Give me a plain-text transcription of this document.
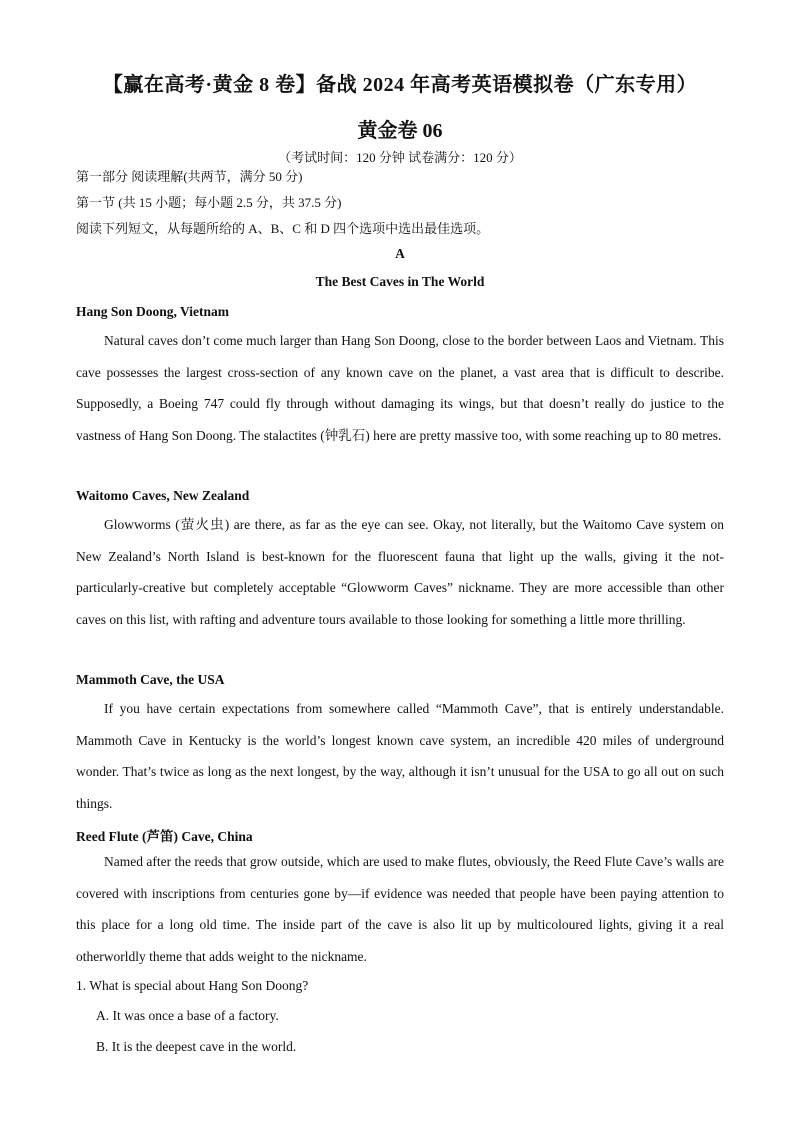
【赢在高考·黄金 8 卷】备战 2024 年高考英语模拟卷（广东专用）
黄金卷 06
（考试时间：120 分钟 试卷满分：120 分）
第一部分 阅读理解(共两节，满分 50 分)
第一节 (共 15 小题；每小题 2.5 分，共 37.5 分)
阅读下列短文，从每题所给的 A、B、C 和 D 四个选项中选出最佳选项。
A
The Best Caves in The World
Hang Son Doong, Vietnam

Natural caves don’t come much larger than Hang Son Doong, close to the border between Laos and Vietnam. This cave possesses the largest cross-section of any known cave on the planet, a vast area that is difficult to describe. Supposedly, a Boeing 747 could fly through without damaging its wings, but that doesn’t really do justice to the vastness of Hang Son Doong. The stalactites (钟乳石) here are pretty massive too, with some reaching up to 80 metres.

Waitomo Caves, New Zealand

Glowworms (萤火虫) are there, as far as the eye can see. Okay, not literally, but the Waitomo Cave system on New Zealand’s North Island is best-known for the fluorescent fauna that light up the walls, giving it the not-particularly-creative but completely acceptable “Glowworm Caves” nickname. They are more accessible than other caves on this list, with rafting and adventure tours available to those looking for something a little more thrilling.

Mammoth Cave, the USA

If you have certain expectations from somewhere called “Mammoth Cave”, that is entirely understandable. Mammoth Cave in Kentucky is the world’s longest known cave system, an incredible 420 miles of underground wonder. That’s twice as long as the next longest, by the way, although it isn’t unusual for the USA to go all out on such things.

Reed Flute (芦笛) Cave, China

Named after the reeds that grow outside, which are used to make flutes, obviously, the Reed Flute Cave’s walls are covered with inscriptions from centuries gone by—if evidence was needed that people have been paying attention to this place for a long old time. The inside part of the cave is also lit up by multicoloured lights, giving it a real otherworldly theme that adds weight to the nickname.

1. What is special about Hang Son Doong?
A. It was once a base of a factory.
B. It is the deepest cave in the world.
